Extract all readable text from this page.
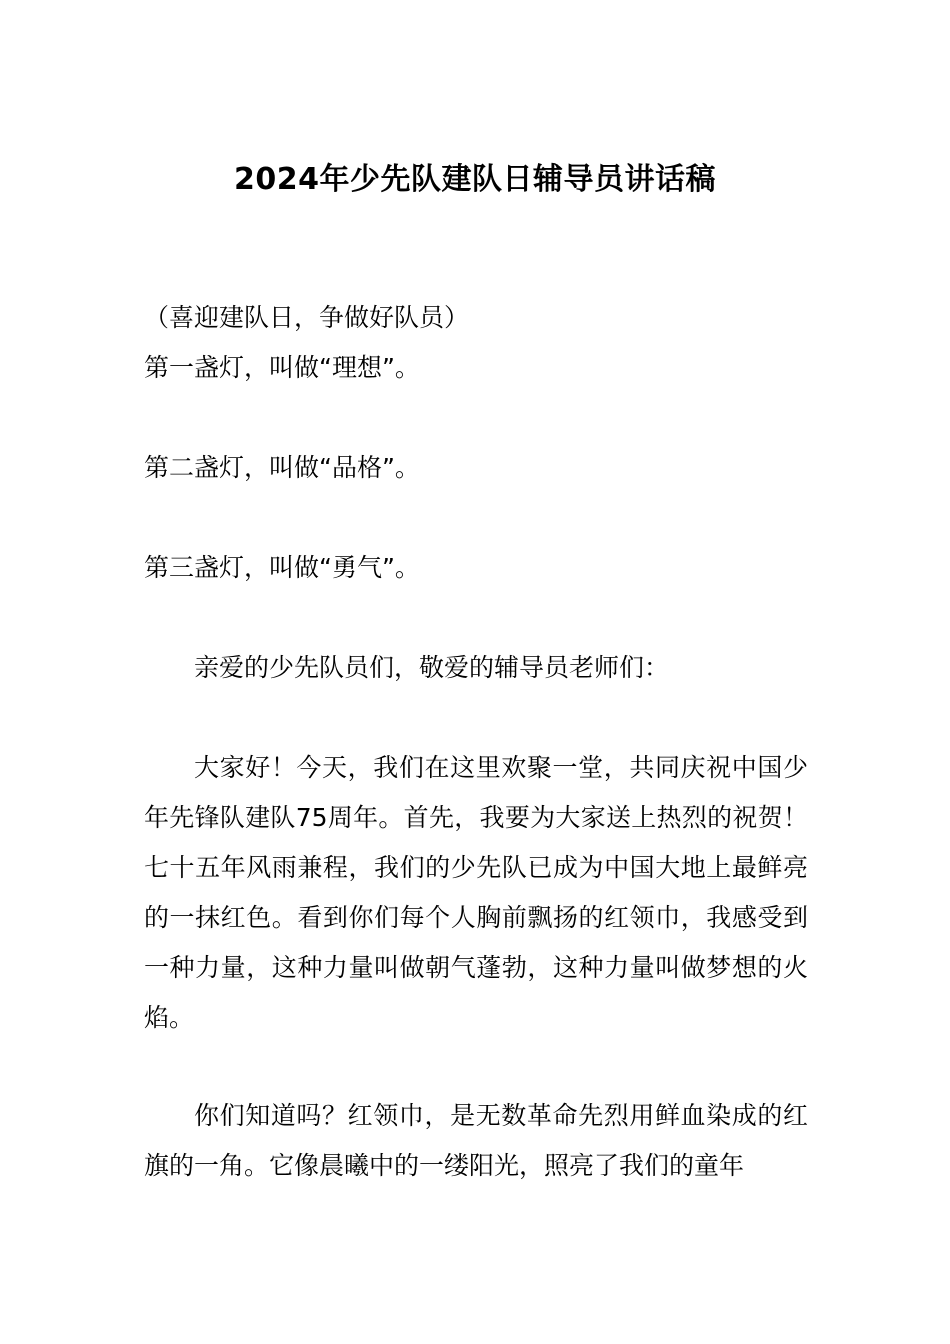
2024年少先队建队日辅导员讲话稿
（喜迎建队日，争做好队员）
第一盏灯，叫做“理想”。
第二盏灯，叫做“品格”。
第三盏灯，叫做“勇气”。
亲爱的少先队员们，敬爱的辅导员老师们：
大家好！今天，我们在这里欢聚一堂，共同庆祝中国少年先锋队建队75周年。首先，我要为大家送上热烈的祝贺！七十五年风雨兼程，我们的少先队已成为中国大地上最鲜亮的一抹红色。看到你们每个人胸前飘扬的红领巾，我感受到一种力量，这种力量叫做朝气蓬勃，这种力量叫做梦想的火焰。
你们知道吗？红领巾，是无数革命先烈用鲜血染成的红旗的一角。它像晨曦中的一缕阳光，照亮了我们的童年
